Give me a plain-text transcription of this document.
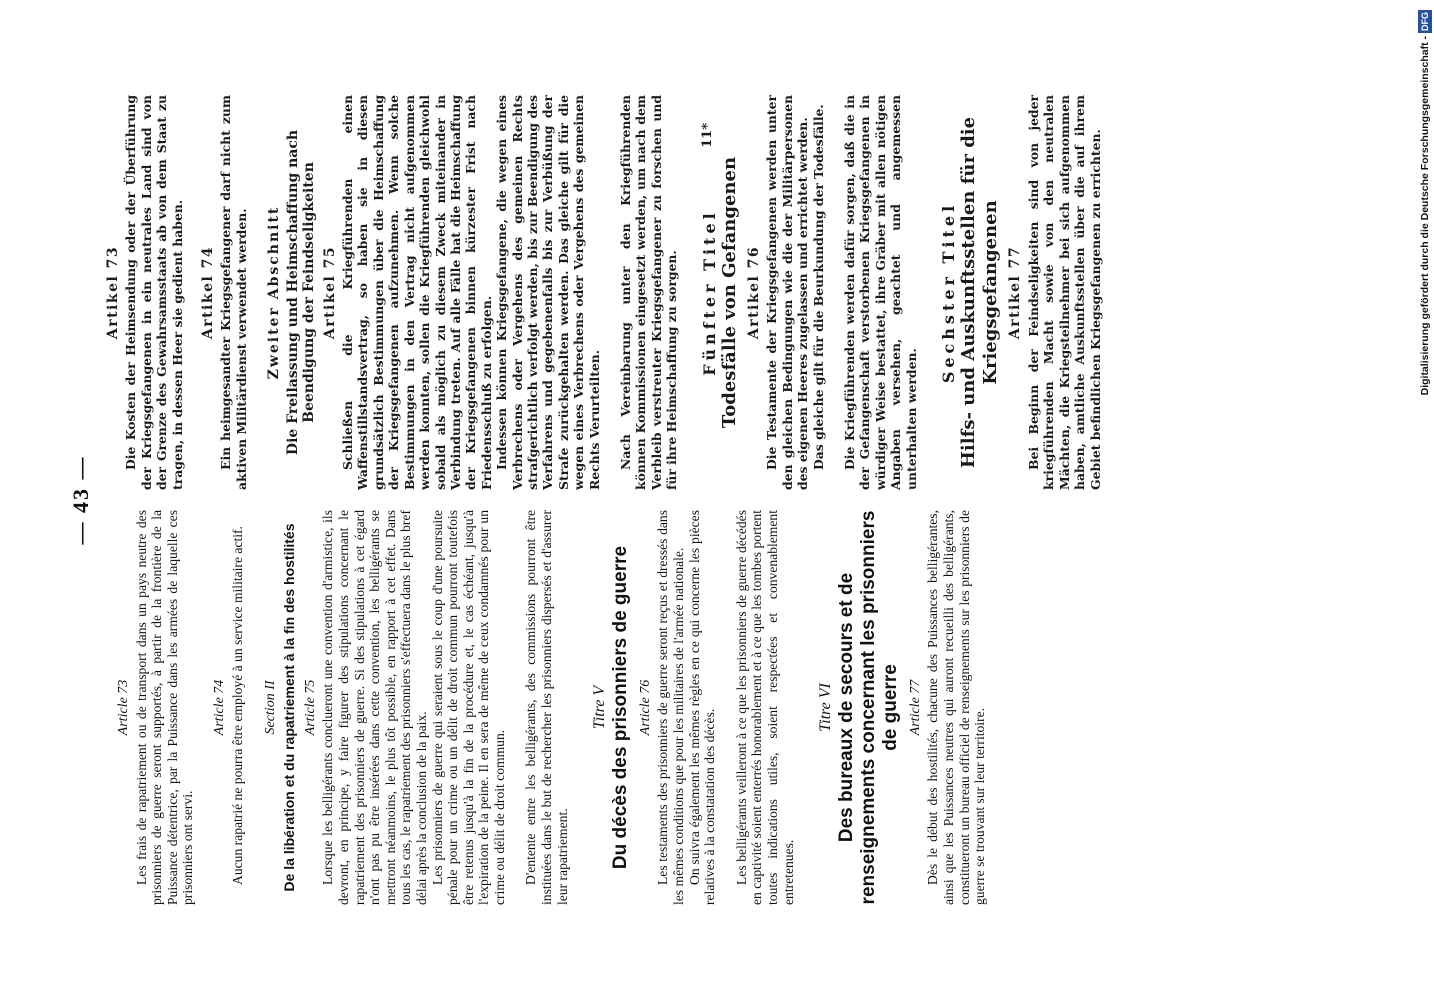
— 43 —
Article 73 Les frais de rapatriement ou de transport dans un pays neutre des prisonniers de guerre seront supportés, à partir de la frontière de la Puissance détentrice, par la Puissance dans les armées de laquelle ces prisonniers ont servi.

Article 74 Aucun rapatrié ne pourra être employé à un service militaire actif. Section II De la libération et du rapatriement à la fin des hostilités Article 75 Lorsque les belligérants conclueront une convention d'armistice, ils devront, en principe, y faire figurer des stipulations concernant le rapatriement des prisonniers de guerre. Si des stipulations à cet égard n'ont pas pu être insérées dans cette convention, les belligérants se mettront néanmoins, le plus tôt possible, en rapport à cet effet. Dans tous les cas, le rapatriement des prisonniers s'effectuera dans le plus bref délai après la conclusion de la paix. Les prisonniers de guerre qui seraient sous le coup d'une poursuite pénale pour un crime ou un délit de droit commun pourront toutefois être retenus jusqu'à la fin de la procédure et, le cas échéant, jusqu'à l'expiration de la peine. Il en sera de même de ceux condamnés pour un crime ou délit de droit commun. D'entente entre les belligérants, des commissions pourront être instituées dans le but de rechercher les prisonniers dispersés et d'assurer leur rapatriement.

Titre V Du décès des prisonniers de guerre Article 76 Les testaments des prisonniers de guerre seront reçus et dressés dans les mêmes conditions que pour les militaires de l'armée nationale. On suivra également les mêmes règles en ce qui concerne les pièces relatives à la constatation des décès. Les belligérants veilleront à ce que les prisonniers de guerre décédés en captivité soient enterrés honorablement et à ce que les tombes portent toutes indications utiles, soient respectées et convenablement entretenues.

Titre VI Des bureaux de secours et de renseignements concernant les prisonniers de guerre Article 77 Dès le début des hostilités, chacune des Puissances belligérantes, ainsi que les Puissances neutres qui auront recueilli des belligérants, constitueront un bureau officiel de renseignements sur les prisonniers de guerre se trouvant sur leur territoire.

Artikel 73 Die Kosten der Heimsendung oder der Überführung der Kriegsgefangenen in ein neutrales Land sind von der Grenze des Gewahrsamsstaats ab von dem Staat zu tragen, in dessen Heer sie gedient haben. Artikel 74 Ein heimgesandter Kriegsgefangener darf nicht zum aktiven Militärdienst verwendet werden. Zweiter Abschnitt Die Freilassung und Heimschaffung nach Beendigung der Feindseligkeiten Artikel 75 Schließen die Kriegführenden einen Waffenstillstandsvertrag, so haben sie in diesen grundsätzlich Bestimmungen über die Heimschaffung der Kriegsgefangenen aufzunehmen. Wenn solche Bestimmungen in den Vertrag nicht aufgenommen werden konnten, sollen die Kriegführenden gleichwohl sobald als möglich zu diesem Zweck miteinander in Verbindung treten. Auf alle Fälle hat die Heimschaffung der Kriegsgefangenen binnen kürzester Frist nach Friedensschluß zu erfolgen. Indessen können Kriegsgefangene, die wegen eines Verbrechens oder Vergehens des gemeinen Rechts strafgerichtlich verfolgt werden, bis zur Beendigung des Verfahrens und gegebenenfalls bis zur Verbüßung der Strafe zurückgehalten werden. Das gleiche gilt für die wegen eines Verbrechens oder Vergehens des gemeinen Rechts Verurteilten. Nach Vereinbarung unter den Kriegführenden können Kommissionen eingesetzt werden, um nach dem Verbleib verstreuter Kriegsgefangener zu forschen und für ihre Heimschaffung zu sorgen. Fünfter Titel Todesfälle von Gefangenen Artikel 76 Die Testamente der Kriegsgefangenen werden unter den gleichen Bedingungen wie die der Militärpersonen des eigenen Heeres zugelassen und errichtet werden. Das gleiche gilt für die Beurkundung der Todesfälle. Die Kriegführenden werden dafür sorgen, daß die in der Gefangenschaft verstorbenen Kriegsgefangenen in würdiger Weise bestattet, ihre Gräber mit allen nötigen Angaben versehen, geachtet und angemessen unterhalten werden.

Sechster Titel Hilfs- und Auskunftsstellen für die Kriegsgefangenen Artikel 77 Bei Beginn der Feindseligkeiten sind von jeder kriegführenden Macht sowie von den neutralen Mächten, die Kriegsteilnehmer bei sich aufgenommen haben, amtliche Auskunftsstellen über die auf ihrem Gebiet befindlichen Kriegsgefangenen zu errichten.

11*	Digitalisierung gefördert durch die Deutsche Forschungsgemeinschaft -DFG
